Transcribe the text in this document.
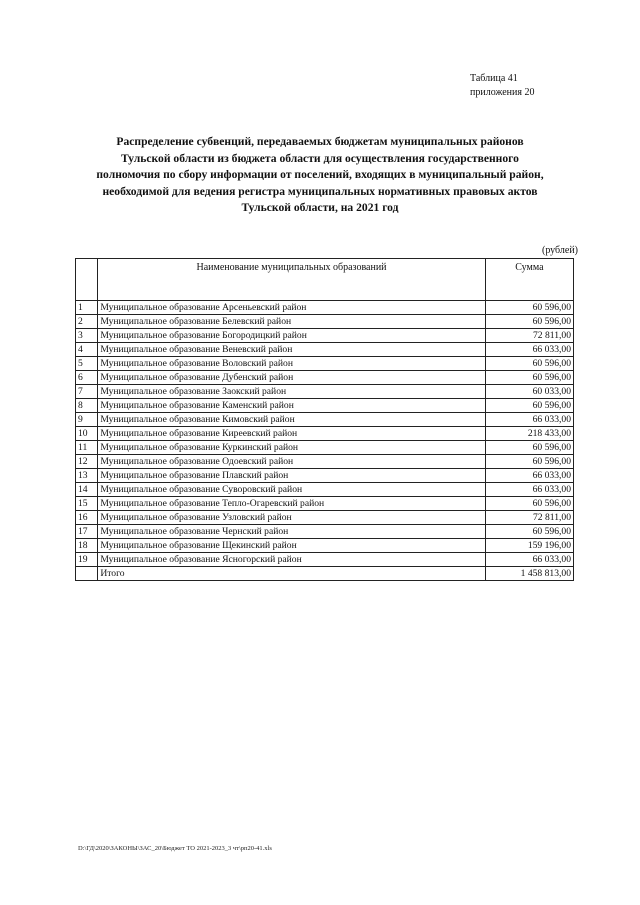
Таблица 41
приложения 20
Распределение субвенций, передаваемых бюджетам муниципальных районов
Тульской области из бюджета области для осуществления государственного
полномочия по сбору информации от поселений, входящих в муниципальный район,
необходимой для ведения регистра муниципальных нормативных правовых актов
Тульской области, на 2021 год
(рублей)
	Наименование муниципальных образований	Сумма
1	Муниципальное образование Арсеньевский район	60 596,00
2	Муниципальное образование Белевский район	60 596,00
3	Муниципальное образование Богородицкий район	72 811,00
4	Муниципальное образование Веневский район	66 033,00
5	Муниципальное образование Воловский район	60 596,00
6	Муниципальное образование Дубенский район	60 596,00
7	Муниципальное образование Заокский район	60 033,00
8	Муниципальное образование Каменский район	60 596,00
9	Муниципальное образование Кимовский район	66 033,00
10	Муниципальное образование Киреевский район	218 433,00
11	Муниципальное образование Куркинский район	60 596,00
12	Муниципальное образование Одоевский район	60 596,00
13	Муниципальное образование Плавский район	66 033,00
14	Муниципальное образование Суворовский район	66 033,00
15	Муниципальное образование Тепло-Огаревский район	60 596,00
16	Муниципальное образование Узловский район	72 811,00
17	Муниципальное образование Чернский район	60 596,00
18	Муниципальное образование Щекинский район	159 196,00
19	Муниципальное образование Ясногорский район	66 033,00
	Итого	1 458 813,00
D:\ГД\2020\ЗАКОНЫ\ЗАС_20\Бюджет ТО 2021-2023_3 чт\рп20-41.xls
